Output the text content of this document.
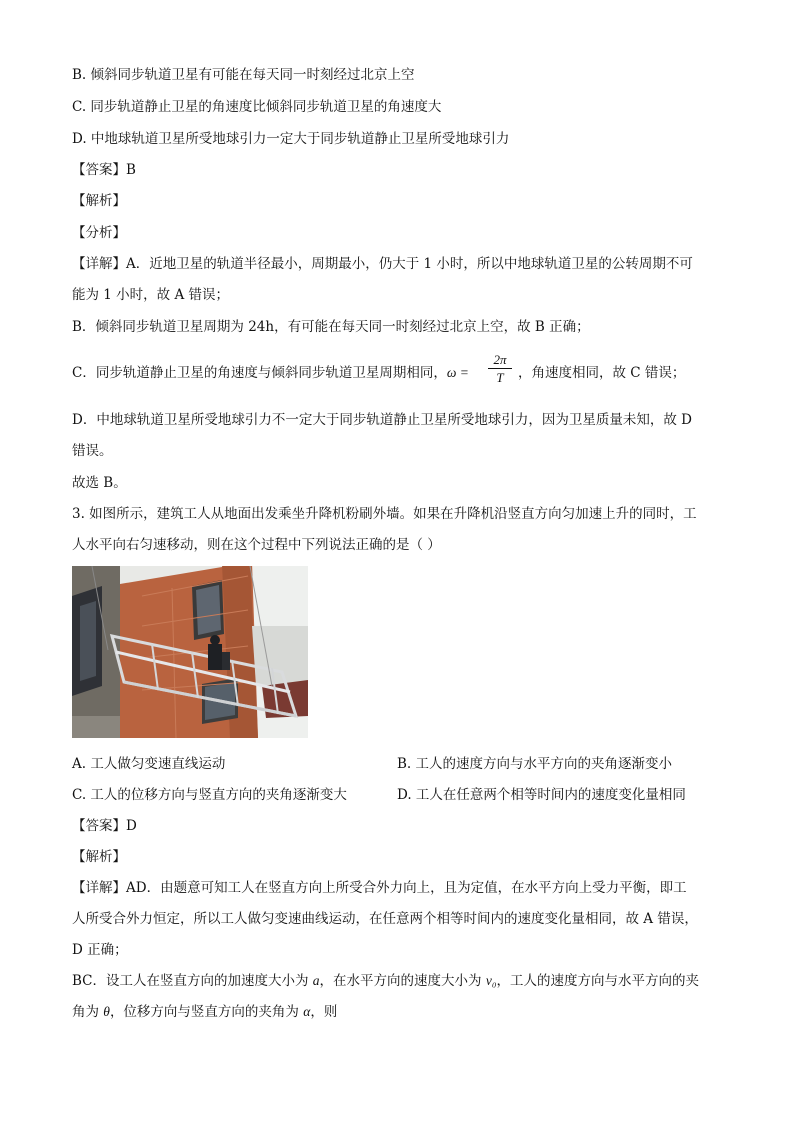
B. 倾斜同步轨道卫星有可能在每天同一时刻经过北京上空
C. 同步轨道静止卫星的角速度比倾斜同步轨道卫星的角速度大
D. 中地球轨道卫星所受地球引力一定大于同步轨道静止卫星所受地球引力
【答案】B
【解析】
【分析】
【详解】A．近地卫星的轨道半径最小，周期最小，仍大于 1 小时，所以中地球轨道卫星的公转周期不可
能为 1 小时，故 A 错误；
B．倾斜同步轨道卫星周期为 24h，有可能在每天同一时刻经过北京上空，故 B 正确；
C．同步轨道静止卫星的角速度与倾斜同步轨道卫星周期相同，ω =
2π
T	，角速度相同，故 C 错误；
D．中地球轨道卫星所受地球引力不一定大于同步轨道静止卫星所受地球引力，因为卫星质量未知，故 D
错误。
故选 B。
3. 如图所示，建筑工人从地面出发乘坐升降机粉刷外墙。如果在升降机沿竖直方向匀加速上升的同时，工
人水平向右匀速移动，则在这个过程中下列说法正确的是（ ）
A. 工人做匀变速直线运动	B. 工人的速度方向与水平方向的夹角逐渐变小
C. 工人的位移方向与竖直方向的夹角逐渐变大	D. 工人在任意两个相等时间内的速度变化量相同
【答案】D
【解析】
【详解】AD．由题意可知工人在竖直方向上所受合外力向上，且为定值，在水平方向上受力平衡，即工
人所受合外力恒定，所以工人做匀变速曲线运动，在任意两个相等时间内的速度变化量相同，故 A 错误，
D 正确；
BC．设工人在竖直方向的加速度大小为 a，在水平方向的速度大小为 v₀，工人的速度方向与水平方向的夹
角为 θ，位移方向与竖直方向的夹角为 α，则
